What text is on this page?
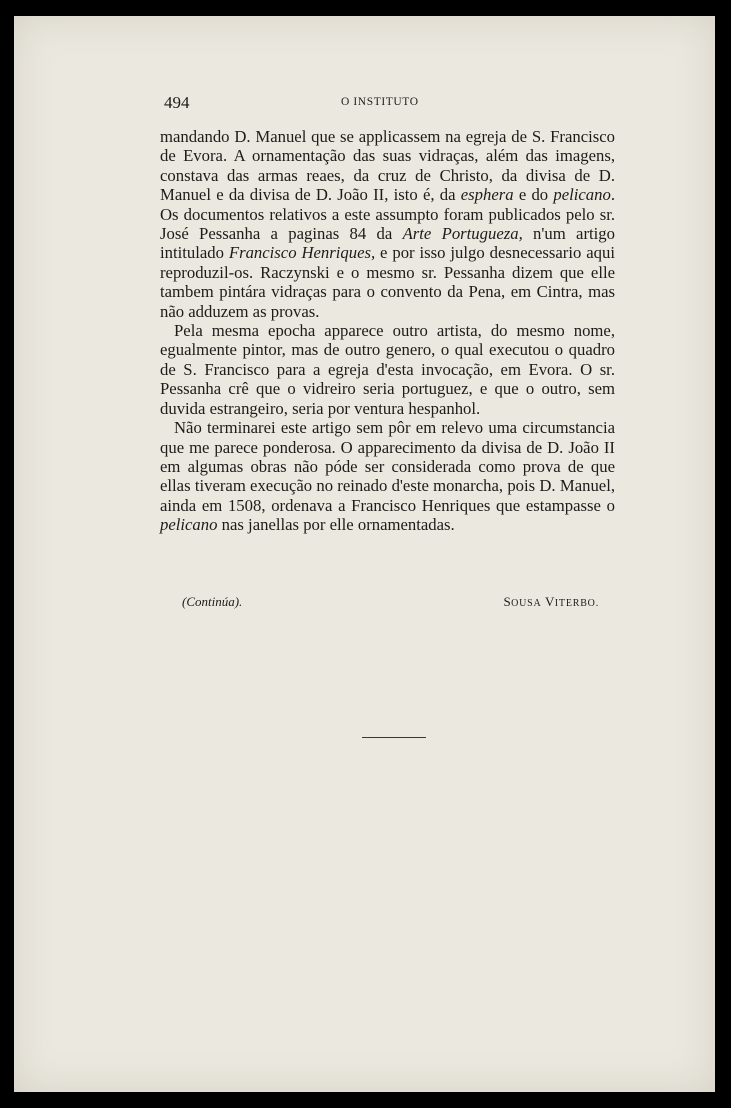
494	O INSTITUTO

mandando D. Manuel que se applicassem na egreja de S. Francisco de Evora. A ornamentação das suas vidraças, além das imagens, constava das armas reaes, da cruz de Christo, da divisa de D. Manuel e da divisa de D. João II, isto é, da esphera e do pelicano. Os documentos relativos a este assumpto foram publicados pelo sr. José Pessanha a paginas 84 da Arte Portugueza, n'um artigo intitulado Francisco Henriques, e por isso julgo desnecessario aqui reproduzil-os. Raczynski e o mesmo sr. Pessanha dizem que elle tambem pintára vidraças para o convento da Pena, em Cintra, mas não adduzem as provas.

Pela mesma epocha apparece outro artista, do mesmo nome, egualmente pintor, mas de outro genero, o qual executou o quadro de S. Francisco para a egreja d'esta invocação, em Evora. O sr. Pessanha crê que o vidreiro seria portuguez, e que o outro, sem duvida estrangeiro, seria por ventura hespanhol.

Não terminarei este artigo sem pôr em relevo uma circumstancia que me parece ponderosa. O apparecimento da divisa de D. João II em algumas obras não póde ser considerada como prova de que ellas tiveram execução no reinado d'este monarcha, pois D. Manuel, ainda em 1508, ordenava a Francisco Henriques que estampasse o pelicano nas janellas por elle ornamentadas.

(Continúa).	SOUSA VITERBO.
